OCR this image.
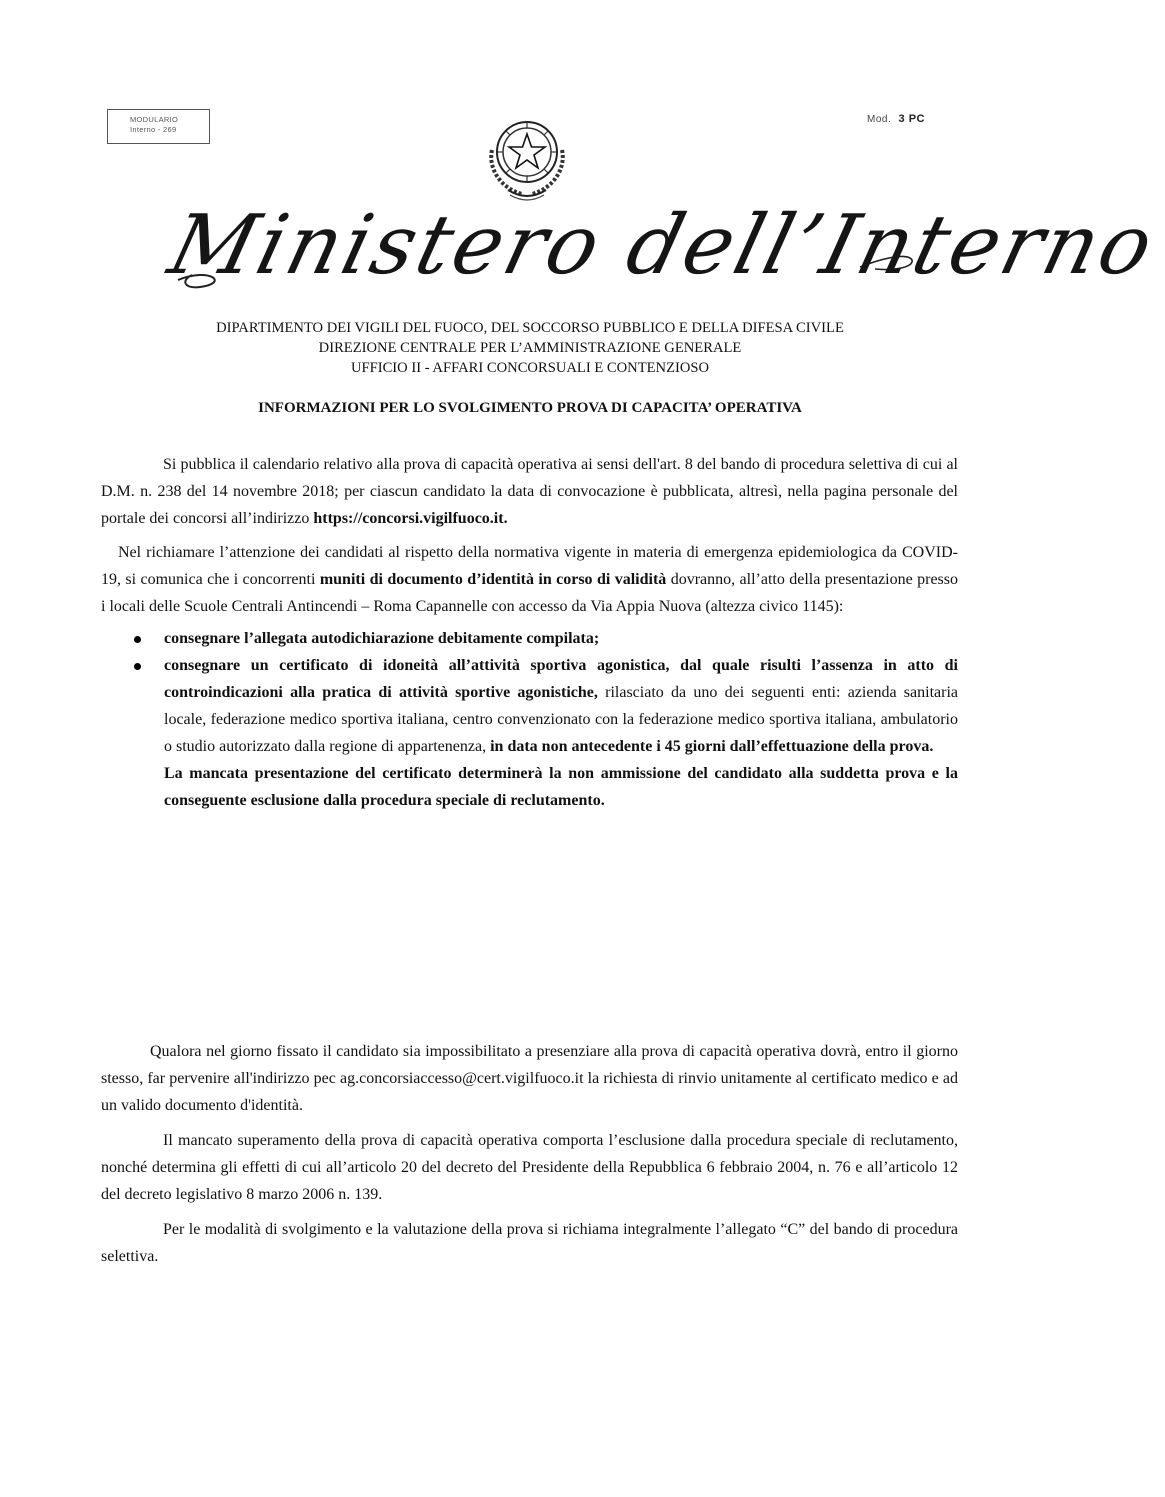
MODULARIO
Interno - 269
Mod. 3 PC
Ministero dell’Interno
DIPARTIMENTO DEI VIGILI DEL FUOCO, DEL SOCCORSO PUBBLICO E DELLA DIFESA CIVILE
DIREZIONE CENTRALE PER L’AMMINISTRAZIONE GENERALE
UFFICIO II - AFFARI CONCORSUALI E CONTENZIOSO
INFORMAZIONI PER LO SVOLGIMENTO PROVA DI CAPACITA’ OPERATIVA

Si pubblica il calendario relativo alla prova di capacità operativa ai sensi dell'art. 8 del bando di procedura selettiva di cui al D.M. n. 238 del 14 novembre 2018; per ciascun candidato la data di convocazione è pubblicata, altresì, nella pagina personale del portale dei concorsi all’indirizzo https://concorsi.vigilfuoco.it.

Nel richiamare l’attenzione dei candidati al rispetto della normativa vigente in materia di emergenza epidemiologica da COVID-19, si comunica che i concorrenti muniti di documento d’identità in corso di validità dovranno, all’atto della presentazione presso i locali delle Scuole Centrali Antincendi – Roma Capannelle con accesso da Via Appia Nuova (altezza civico 1145):

consegnare l’allegata autodichiarazione debitamente compilata;
consegnare un certificato di idoneità all’attività sportiva agonistica, dal quale risulti l’assenza in atto di controindicazioni alla pratica di attività sportive agonistiche, rilasciato da uno dei seguenti enti: azienda sanitaria locale, federazione medico sportiva italiana, centro convenzionato con la federazione medico sportiva italiana, ambulatorio o studio autorizzato dalla regione di appartenenza, in data non antecedente i 45 giorni dall’effettuazione della prova.
La mancata presentazione del certificato determinerà la non ammissione del candidato alla suddetta prova e la conseguente esclusione dalla procedura speciale di reclutamento.

Qualora nel giorno fissato il candidato sia impossibilitato a presenziare alla prova di capacità operativa dovrà, entro il giorno stesso, far pervenire all'indirizzo pec ag.concorsiaccesso@cert.vigilfuoco.it la richiesta di rinvio unitamente al certificato medico e ad un valido documento d'identità.

Il mancato superamento della prova di capacità operativa comporta l’esclusione dalla procedura speciale di reclutamento, nonché determina gli effetti di cui all’articolo 20 del decreto del Presidente della Repubblica 6 febbraio 2004, n. 76 e all’articolo 12 del decreto legislativo 8 marzo 2006 n. 139.

Per le modalità di svolgimento e la valutazione della prova si richiama integralmente l’allegato “C” del bando di procedura selettiva.
